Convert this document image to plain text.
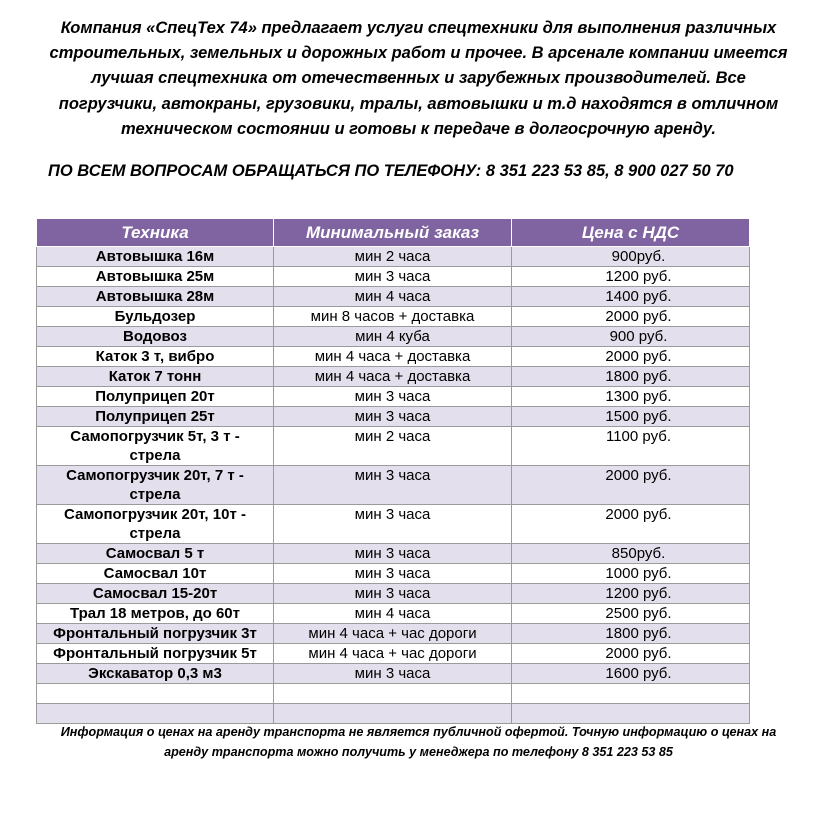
Компания «СпецТех 74» предлагает услуги спецтехники для выполнения различных
строительных, земельных и дорожных работ и прочее. В арсенале компании имеется
лучшая спецтехника от отечественных и зарубежных производителей. Все
погрузчики, автокраны, грузовики, тралы, автовышки и т.д находятся в отличном
техническом состоянии и готовы к передаче в долгосрочную аренду.
ПО ВСЕМ ВОПРОСАМ ОБРАЩАТЬСЯ ПО ТЕЛЕФОНУ: 8 351 223 53 85, 8 900 027 50 70
Техника	Минимальный заказ	Цена с НДС

Автовышка 16м	мин 2 часа	900руб.

Автовышка 25м	мин 3 часа	1200 руб.

Автовышка 28м	мин 4 часа	1400 руб.

Бульдозер	мин 8 часов + доставка	2000 руб.

Водовоз	мин 4 куба	900 руб.

Каток 3 т, вибро	мин 4 часа + доставка	2000 руб.

Каток 7 тонн	мин 4 часа + доставка	1800 руб.

Полуприцеп 20т	мин 3 часа	1300 руб.

Полуприцеп 25т	мин 3 часа	1500 руб.

Самопогрузчик 5т, 3 т -
стрела	мин 2 часа	1100 руб.

Самопогрузчик 20т, 7 т -
стрела	мин 3 часа	2000 руб.

Самопогрузчик 20т, 10т -
стрела	мин 3 часа	2000 руб.

Самосвал 5 т	мин 3 часа	850руб.

Самосвал 10т	мин 3 часа	1000 руб.

Самосвал 15-20т	мин 3 часа	1200 руб.

Трал 18 метров, до 60т	мин 4 часа	2500 руб.

Фронтальный погрузчик 3т	мин 4 часа + час дороги	1800 руб.

Фронтальный погрузчик 5т	мин 4 часа + час дороги	2000 руб.

Экскаватор 0,3 м3	мин 3 часа	1600 руб.

Информация о ценах на аренду транспорта не является публичной офертой. Точную информацию о ценах на
аренду транспорта можно получить у менеджера по телефону 8 351 223 53 85
